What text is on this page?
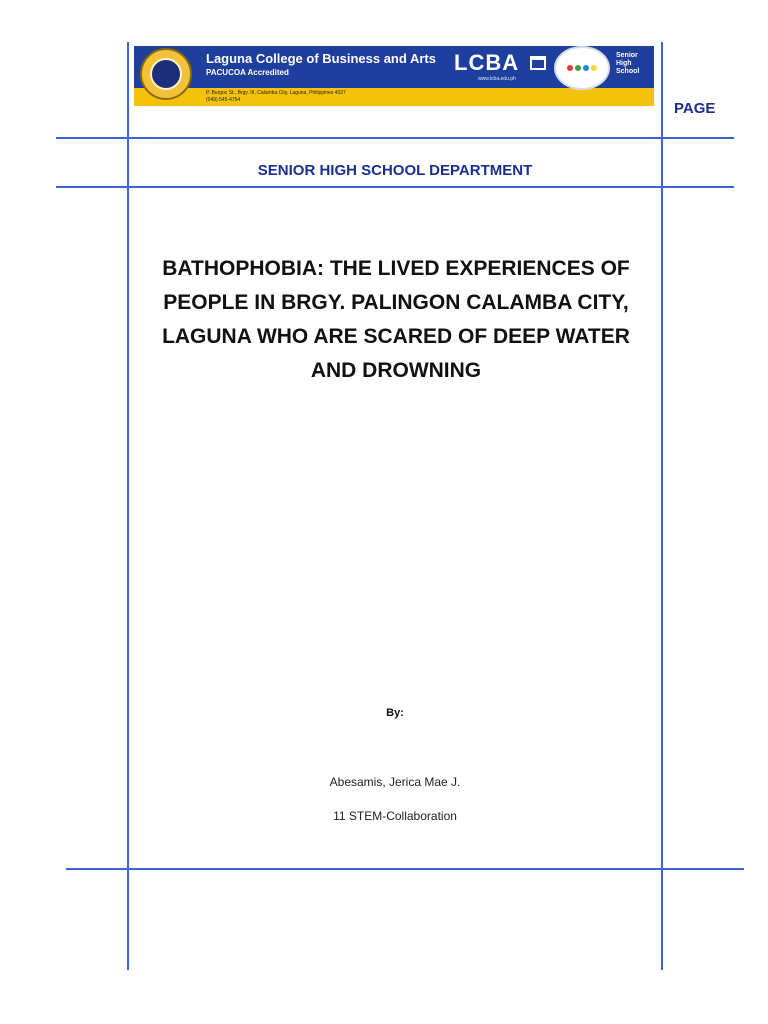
Laguna College of Business and Arts
PACUCOA Accredited
P. Burgos St., Brgy. III, Calamba City, Laguna, Philippines 4027
(049) 545-4754
LCBA
www.lcba.edu.ph
Senior High School
PAGE
SENIOR HIGH SCHOOL DEPARTMENT
BATHOPHOBIA: THE LIVED EXPERIENCES OF PEOPLE IN BRGY. PALINGON CALAMBA CITY, LAGUNA WHO ARE SCARED OF DEEP WATER AND DROWNING
By:
Abesamis, Jerica Mae J.
11 STEM-Collaboration
